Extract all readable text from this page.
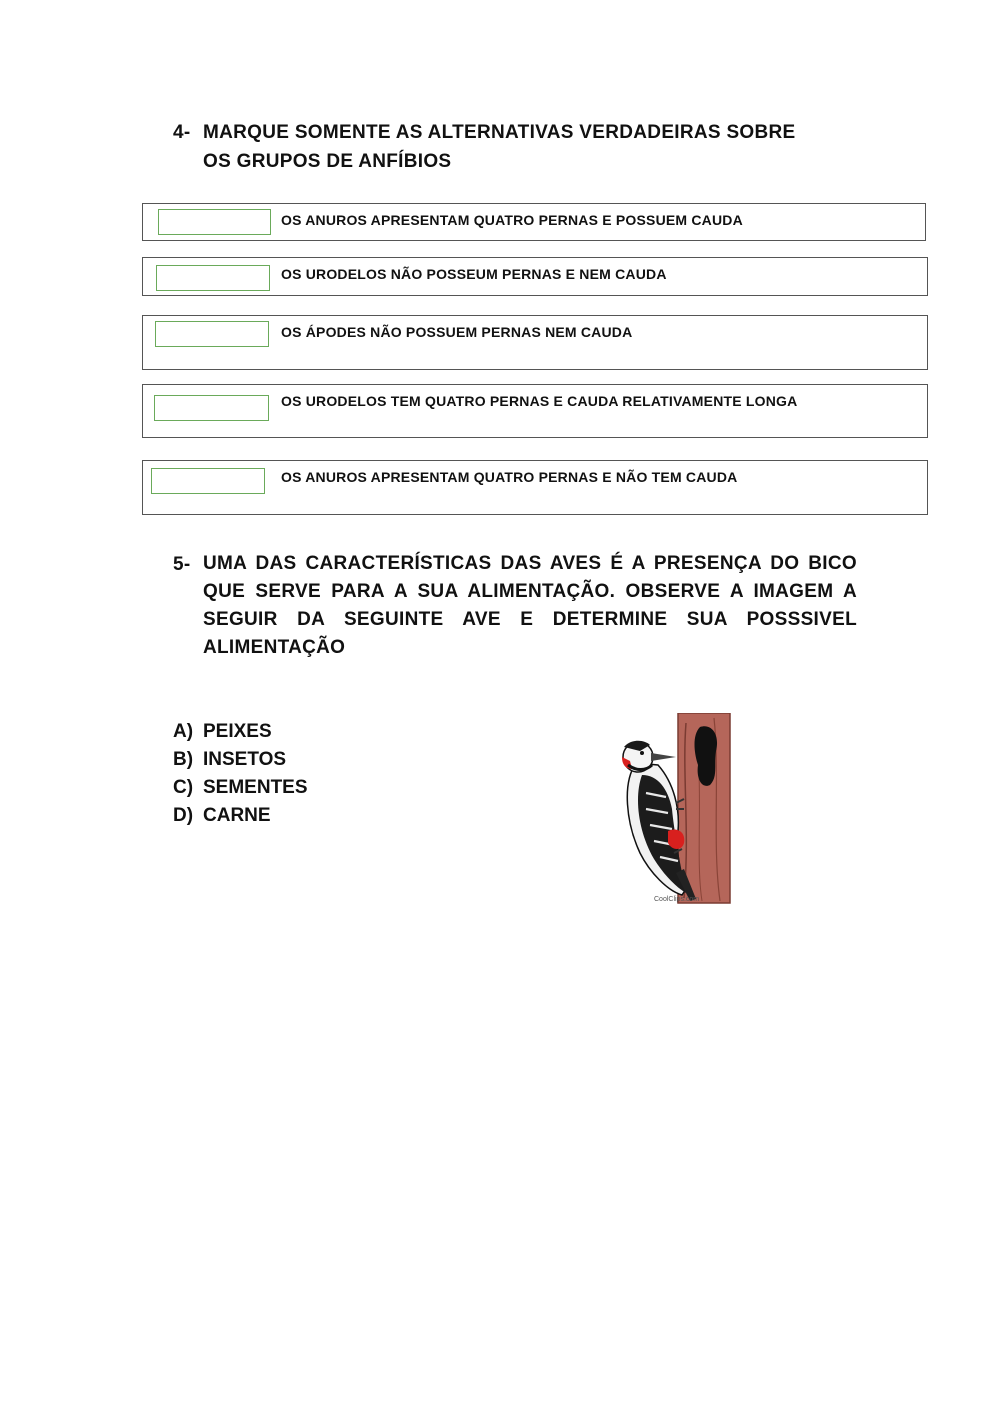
4- MARQUE SOMENTE AS ALTERNATIVAS VERDADEIRAS SOBRE
OS GRUPOS DE ANFÍBIOS
OS ANUROS APRESENTAM QUATRO PERNAS E POSSUEM CAUDA
OS URODELOS NÃO POSSEUM PERNAS E NEM CAUDA
OS ÁPODES NÃO POSSUEM PERNAS NEM CAUDA
OS URODELOS TEM QUATRO PERNAS E CAUDA RELATIVAMENTE LONGA
OS ANUROS APRESENTAM QUATRO PERNAS E NÃO TEM CAUDA
5- UMA DAS CARACTERÍSTICAS DAS AVES É A PRESENÇA DO BICO QUE SERVE PARA A SUA ALIMENTAÇÃO. OBSERVE A IMAGEM A SEGUIR DA SEGUINTE AVE E DETERMINE SUA POSSSIVEL ALIMENTAÇÃO
A) PEIXES
B) INSETOS
C) SEMENTES
D) CARNE
CoolClips.com
